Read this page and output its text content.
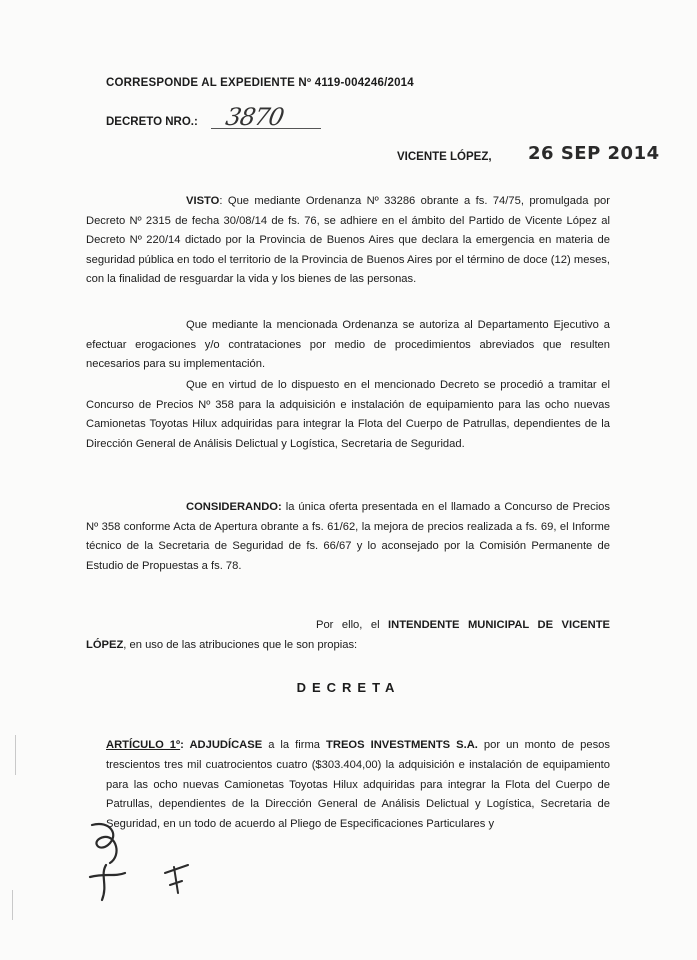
CORRESPONDE AL EXPEDIENTE Nº 4119-004246/2014
DECRETO NRO.: 3870
VICENTE LÓPEZ, 26 SEP 2014
VISTO: Que mediante Ordenanza Nº 33286 obrante a fs. 74/75, promulgada por Decreto Nº 2315 de fecha 30/08/14 de fs. 76, se adhiere en el ámbito del Partido de Vicente López al Decreto Nº 220/14 dictado por la Provincia de Buenos Aires que declara la emergencia en materia de seguridad pública en todo el territorio de la Provincia de Buenos Aires por el término de doce (12) meses, con la finalidad de resguardar la vida y los bienes de las personas.
Que mediante la mencionada Ordenanza se autoriza al Departamento Ejecutivo a efectuar erogaciones y/o contrataciones por medio de procedimientos abreviados que resulten necesarios para su implementación.
Que en virtud de lo dispuesto en el mencionado Decreto se procedió a tramitar el Concurso de Precios Nº 358 para la adquisición e instalación de equipamiento para las ocho nuevas Camionetas Toyotas Hilux adquiridas para integrar la Flota del Cuerpo de Patrullas, dependientes de la Dirección General de Análisis Delictual y Logística, Secretaria de Seguridad.
CONSIDERANDO: la única oferta presentada en el llamado a Concurso de Precios Nº 358 conforme Acta de Apertura obrante a fs. 61/62, la mejora de precios realizada a fs. 69, el Informe técnico de la Secretaria de Seguridad de fs. 66/67 y lo aconsejado por la Comisión Permanente de Estudio de Propuestas a fs. 78.
Por ello, el INTENDENTE MUNICIPAL DE VICENTE LÓPEZ, en uso de las atribuciones que le son propias:
DECRETA
ARTÍCULO 1º: ADJUDÍCASE a la firma TREOS INVESTMENTS S.A. por un monto de pesos trescientos tres mil cuatrocientos cuatro ($303.404,00) la adquisición e instalación de equipamiento para las ocho nuevas Camionetas Toyotas Hilux adquiridas para integrar la Flota del Cuerpo de Patrullas, dependientes de la Dirección General de Análisis Delictual y Logística, Secretaria de Seguridad, en un todo de acuerdo al Pliego de Especificaciones Particulares y
